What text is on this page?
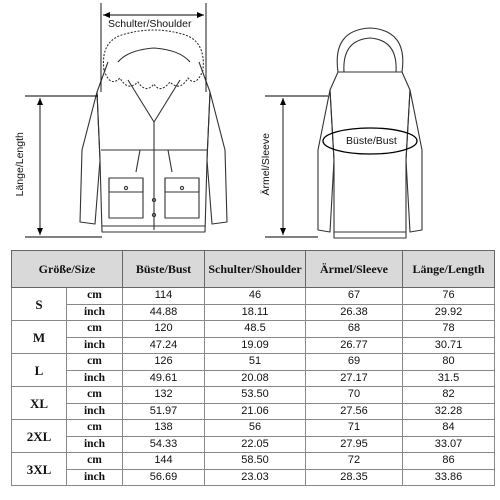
Schulter/Shoulder
Länge/Length	Büste/Bust
Ärmel/Sleeve
Größe/Size		Büste/Bust	Schulter/Shoulder	Ärmel/Sleeve	Länge/Length
S	cm	114	46	67	76
	inch	44.88	18.11	26.38	29.92
M	cm	120	48.5	68	78
	inch	47.24	19.09	26.77	30.71
L	cm	126	51	69	80
	inch	49.61	20.08	27.17	31.5
XL	cm	132	53.50	70	82
	inch	51.97	21.06	27.56	32.28
2XL	cm	138	56	71	84
	inch	54.33	22.05	27.95	33.07
3XL	cm	144	58.50	72	86
	inch	56.69	23.03	28.35	33.86
